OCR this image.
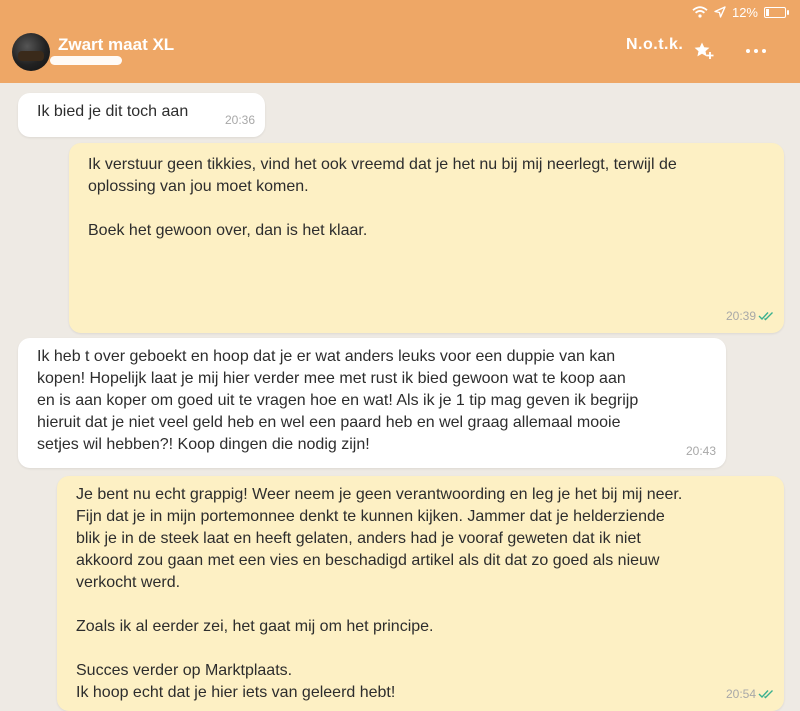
12%
Zwart maat XL	N.o.t.k.
Ik bied je dit toch aan	20:36
Ik verstuur geen tikkies, vind het ook vreemd dat je het nu bij mij neerlegt, terwijl de
oplossing van jou moet komen.

Boek het gewoon over, dan is het klaar.
20:39
Ik heb t over geboekt en hoop dat je er wat anders leuks voor een duppie van kan
kopen! Hopelijk laat je mij hier verder mee met rust ik bied gewoon wat te koop aan
en is aan koper om goed uit te vragen hoe en wat! Als ik je 1 tip mag geven ik begrijp
hieruit dat je niet veel geld heb en wel een paard heb en wel graag allemaal mooie
setjes wil hebben?! Koop dingen die nodig zijn!	20:43
Je bent nu echt grappig! Weer neem je geen verantwoording en leg je het bij mij neer.
Fijn dat je in mijn portemonnee denkt te kunnen kijken. Jammer dat je helderziende
blik je in de steek laat en heeft gelaten, anders had je vooraf geweten dat ik niet
akkoord zou gaan met een vies en beschadigd artikel als dit dat zo goed als nieuw
verkocht werd.

Zoals ik al eerder zei, het gaat mij om het principe.

Succes verder op Marktplaats.
Ik hoop echt dat je hier iets van geleerd hebt!	20:54
